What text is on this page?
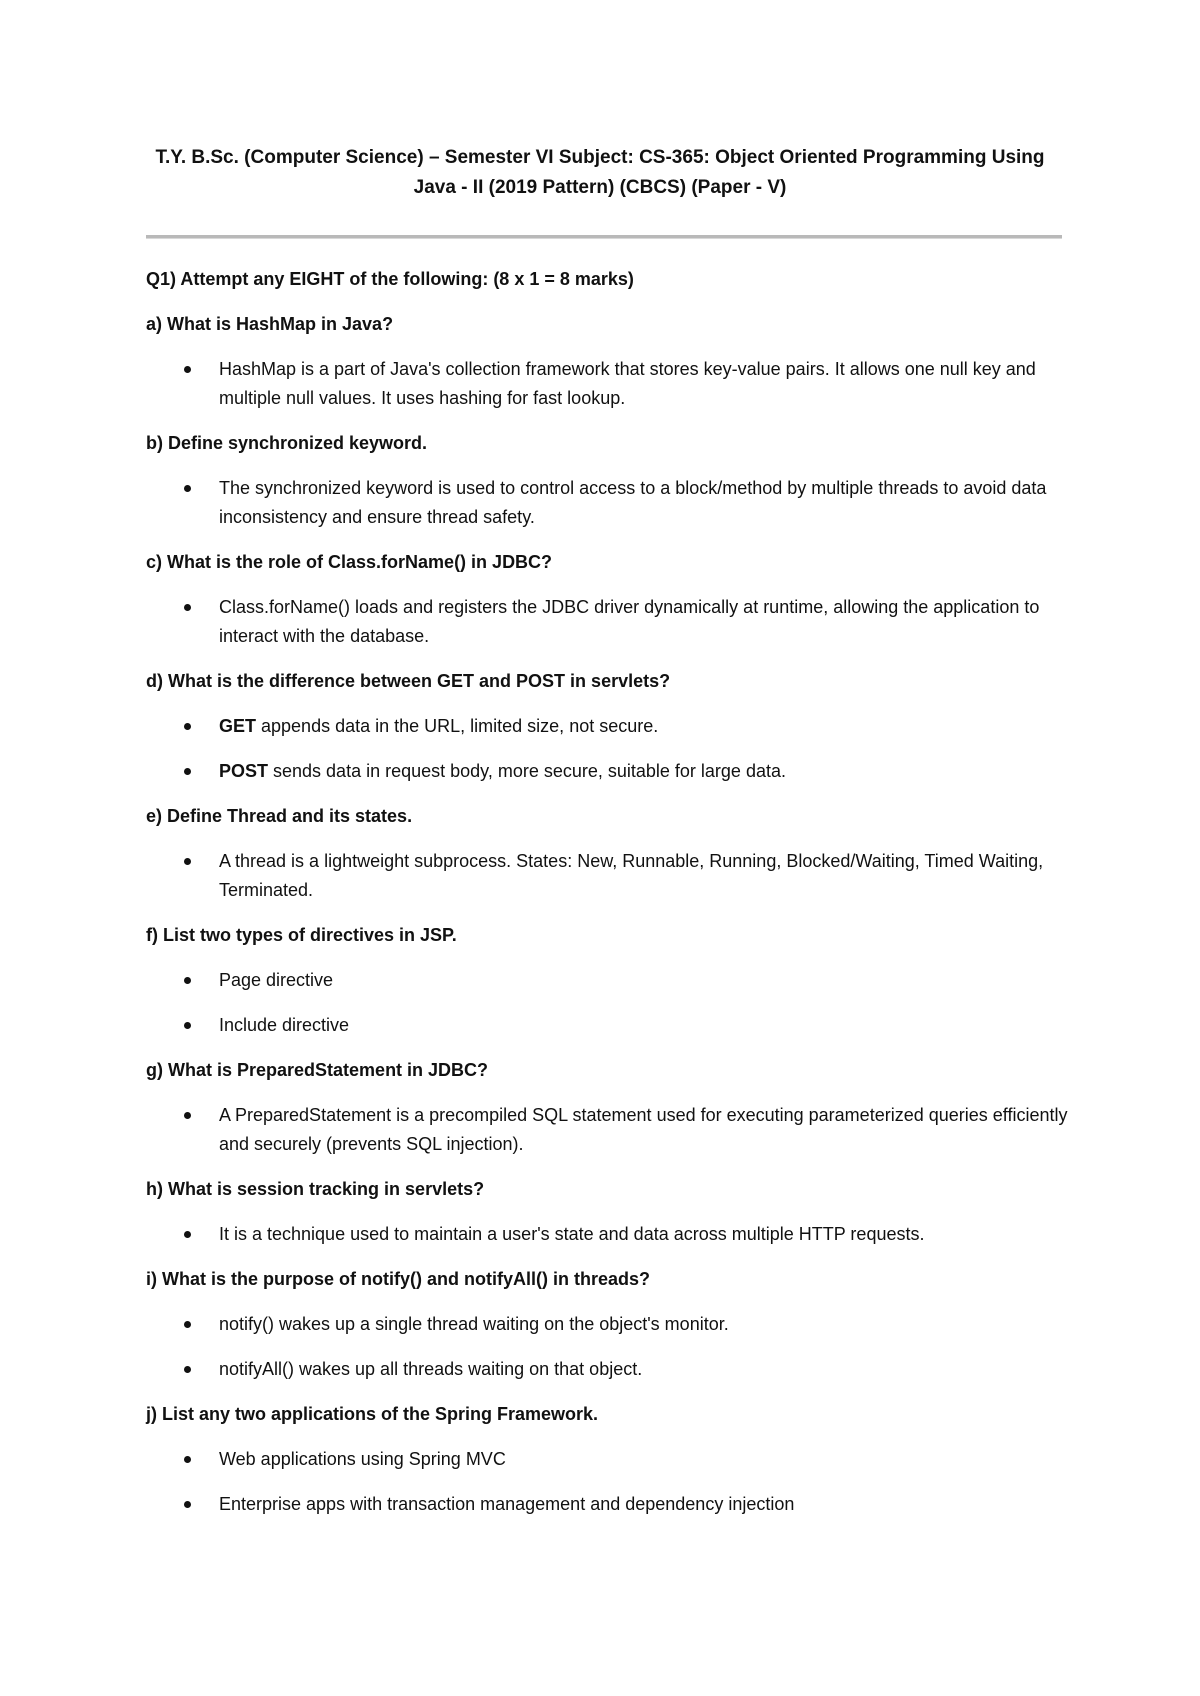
T.Y. B.Sc. (Computer Science) – Semester VI Subject: CS-365: Object Oriented Programming Using
Java - II (2019 Pattern) (CBCS) (Paper - V)
Q1) Attempt any EIGHT of the following: (8 x 1 = 8 marks)
a) What is HashMap in Java?
HashMap is a part of Java's collection framework that stores key-value pairs. It allows one null key and multiple null values. It uses hashing for fast lookup.
b) Define synchronized keyword.
The synchronized keyword is used to control access to a block/method by multiple threads to avoid data inconsistency and ensure thread safety.
c) What is the role of Class.forName() in JDBC?
Class.forName() loads and registers the JDBC driver dynamically at runtime, allowing the application to interact with the database.
d) What is the difference between GET and POST in servlets?
GET appends data in the URL, limited size, not secure.
POST sends data in request body, more secure, suitable for large data.
e) Define Thread and its states.
A thread is a lightweight subprocess. States: New, Runnable, Running, Blocked/Waiting, Timed Waiting, Terminated.
f) List two types of directives in JSP.
Page directive
Include directive
g) What is PreparedStatement in JDBC?
A PreparedStatement is a precompiled SQL statement used for executing parameterized queries efficiently and securely (prevents SQL injection).
h) What is session tracking in servlets?
It is a technique used to maintain a user's state and data across multiple HTTP requests.
i) What is the purpose of notify() and notifyAll() in threads?
notify() wakes up a single thread waiting on the object's monitor.
notifyAll() wakes up all threads waiting on that object.
j) List any two applications of the Spring Framework.
Web applications using Spring MVC
Enterprise apps with transaction management and dependency injection
